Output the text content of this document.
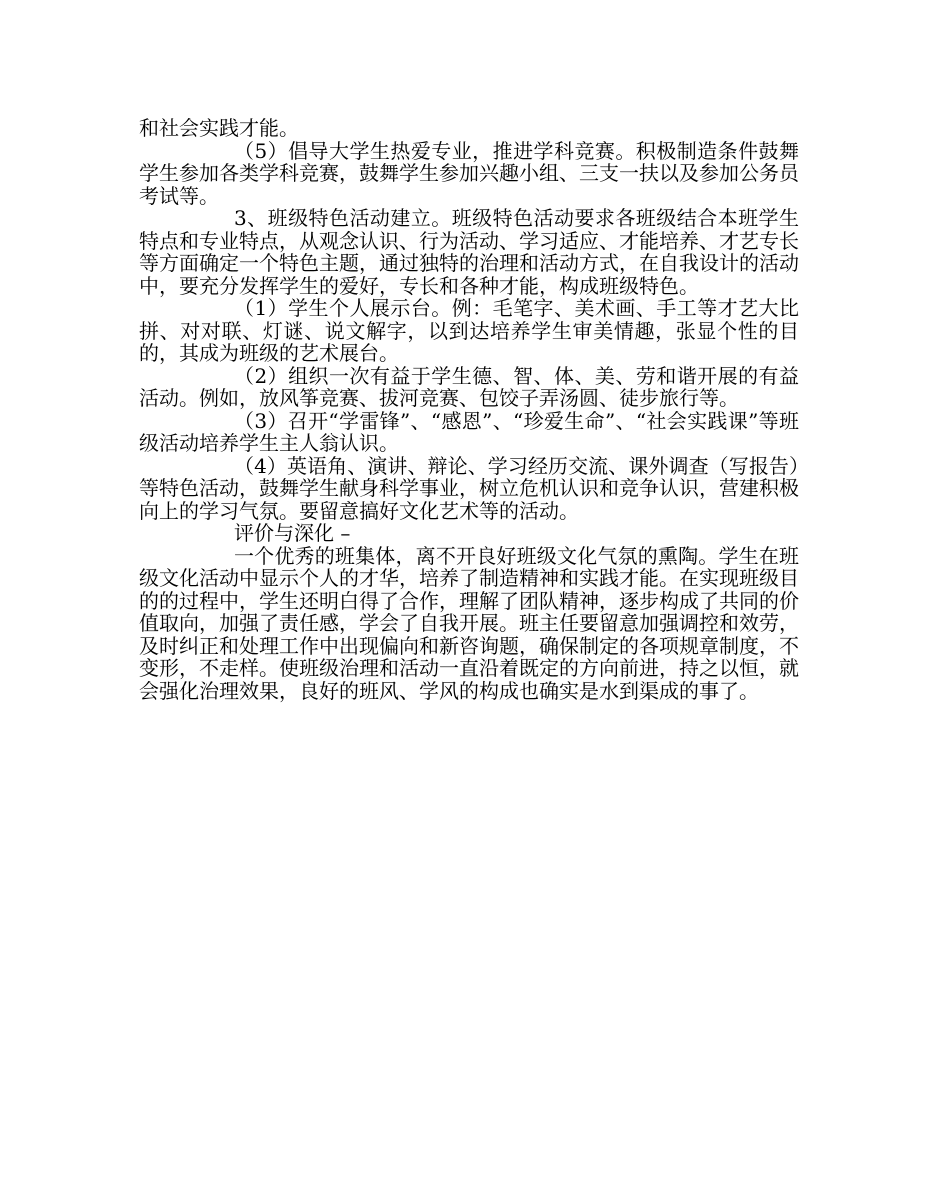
和社会实践才能。

（5）倡导大学生热爱专业，推进学科竞赛。积极制造条件鼓舞学生参加各类学科竞赛，鼓舞学生参加兴趣小组、三支一扶以及参加公务员考试等。

3、班级特色活动建立。班级特色活动要求各班级结合本班学生特点和专业特点，从观念认识、行为活动、学习适应、才能培养、才艺专长等方面确定一个特色主题，通过独特的治理和活动方式，在自我设计的活动中，要充分发挥学生的爱好，专长和各种才能，构成班级特色。

（1）学生个人展示台。例：毛笔字、美术画、手工等才艺大比拼、对对联、灯谜、说文解字，以到达培养学生审美情趣，张显个性的目的，其成为班级的艺术展台。

（2）组织一次有益于学生德、智、体、美、劳和谐开展的有益活动。例如，放风筝竞赛、拔河竞赛、包饺子弄汤圆、徒步旅行等。

（3）召开“学雷锋”、“感恩”、“珍爱生命”、“社会实践课”等班级活动培养学生主人翁认识。

（4）英语角、演讲、辩论、学习经历交流、课外调查（写报告）等特色活动，鼓舞学生献身科学事业，树立危机认识和竞争认识，营建积极向上的学习气氛。要留意搞好文化艺术等的活动。

评价与深化 –

一个优秀的班集体，离不开良好班级文化气氛的熏陶。学生在班级文化活动中显示个人的才华，培养了制造精神和实践才能。在实现班级目的的过程中，学生还明白得了合作，理解了团队精神，逐步构成了共同的价值取向，加强了责任感，学会了自我开展。班主任要留意加强调控和效劳，及时纠正和处理工作中出现偏向和新咨询题，确保制定的各项规章制度，不变形，不走样。使班级治理和活动一直沿着既定的方向前进，持之以恒，就会强化治理效果，良好的班风、学风的构成也确实是水到渠成的事了。
